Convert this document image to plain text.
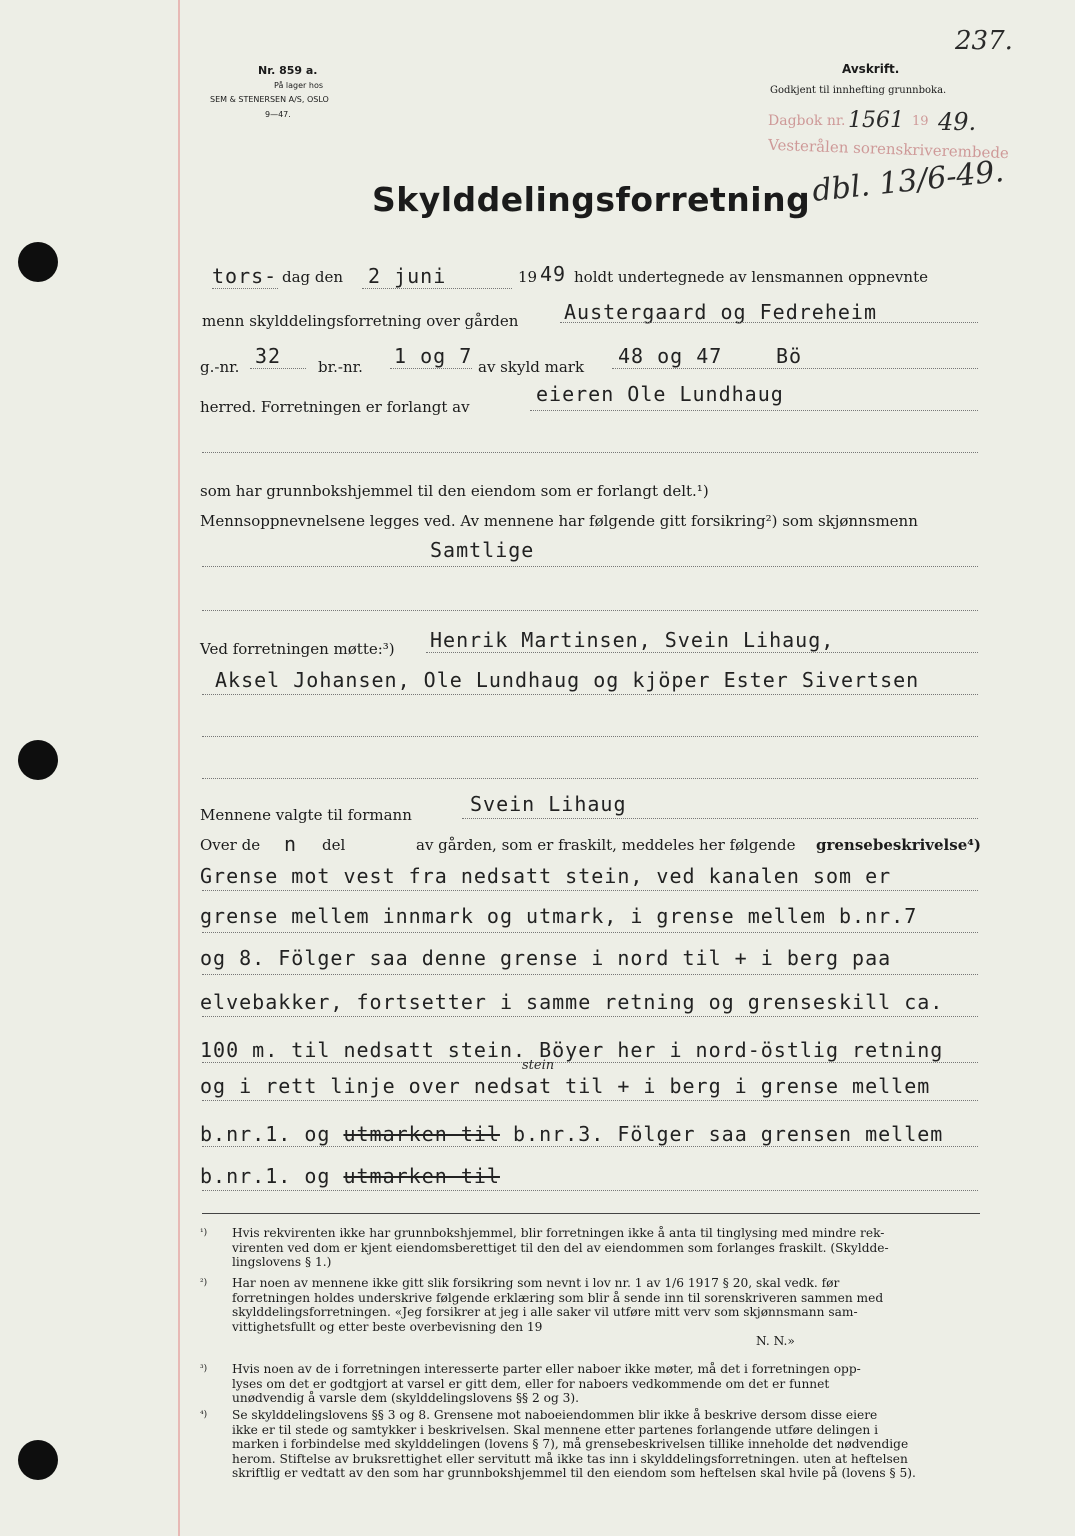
237.
Nr. 859 a.
På lager hos
SEM & STENERSEN A/S, OSLO
9—47.
Avskrift.
Godkjent til innhefting grunnboka.
Dagbok nr. 1561 19 49.
Vesterålen sorenskriverembede
dbl. 13/6-49.
Skylddelingsforretning
tors- dag den 2 juni	19 49 holdt undertegnede av lensmannen oppnevnte
menn skylddelingsforretning over gården Austergaard og Fedreheim
g.-nr. 32 br.-nr. 1 og 7 av skyld mark 48 og 47	Bö
herred. Forretningen er forlangt av
eieren Ole Lundhaug
som har grunnbokshjemmel til den eiendom som er forlangt delt.¹)
Mennsoppnevnelsene legges ved. Av mennene har følgende gitt forsikring²) som skjønnsmenn
Samtlige
Ved forretningen møtte:³) Henrik Martinsen, Svein Lihaug,
Aksel Johansen, Ole Lundhaug og kjöper Ester Sivertsen
Mennene valgte til formann	Svein Lihaug
Over de n del	av gården, som er fraskilt, meddeles her følgende grensebeskrivelse⁴)
Grense mot vest fra nedsatt stein, ved kanalen som er
grense mellem innmark og utmark, i grense mellem b.nr.7
og 8. Fölger saa denne grense i nord til + i berg paa
elvebakker, fortsetter i samme retning og grenseskill ca.
100 m. til nedsatt stein. Böyer her i nord-östlig retning
stein
og i rett linje over nedsat til + i berg i grense mellem
b.nr.1. og utmarken til b.nr.3. Fölger saa grensen mellem
b.nr.1. og utmarken til
¹) Hvis rekvirenten ikke har grunnbokshjemmel, blir forretningen ikke å anta til tinglysing med mindre rek-
virenten ved dom er kjent eiendomsberettiget til den del av eiendommen som forlanges fraskilt. (Skyldde-
lingslovens § 1.)
²) Har noen av mennene ikke gitt slik forsikring som nevnt i lov nr. 1 av 1/6 1917 § 20, skal vedk. før
forretningen holdes underskrive følgende erklæring som blir å sende inn til sorenskriveren sammen med
skylddelingsforretningen. «Jeg forsikrer at jeg i alle saker vil utføre mitt verv som skjønnsmann sam-
vittighetsfullt og etter beste overbevisning den 19
N. N.»
³) Hvis noen av de i forretningen interesserte parter eller naboer ikke møter, må det i forretningen opp-
lyses om det er godtgjort at varsel er gitt dem, eller for naboers vedkommende om det er funnet
unødvendig å varsle dem (skylddelingslovens §§ 2 og 3).
⁴) Se skylddelingslovens §§ 3 og 8. Grensene mot naboeiendommen blir ikke å beskrive dersom disse eiere
ikke er til stede og samtykker i beskrivelsen. Skal mennene etter partenes forlangende utføre delingen i
marken i forbindelse med skylddelingen (lovens § 7), må grensebeskrivelsen tillike inneholde det nødvendige
herom. Stiftelse av bruksrettighet eller servitutt må ikke tas inn i skylddelingsforretningen. uten at heftelsen
skriftlig er vedtatt av den som har grunnbokshjemmel til den eiendom som heftelsen skal hvile på (lovens § 5).
